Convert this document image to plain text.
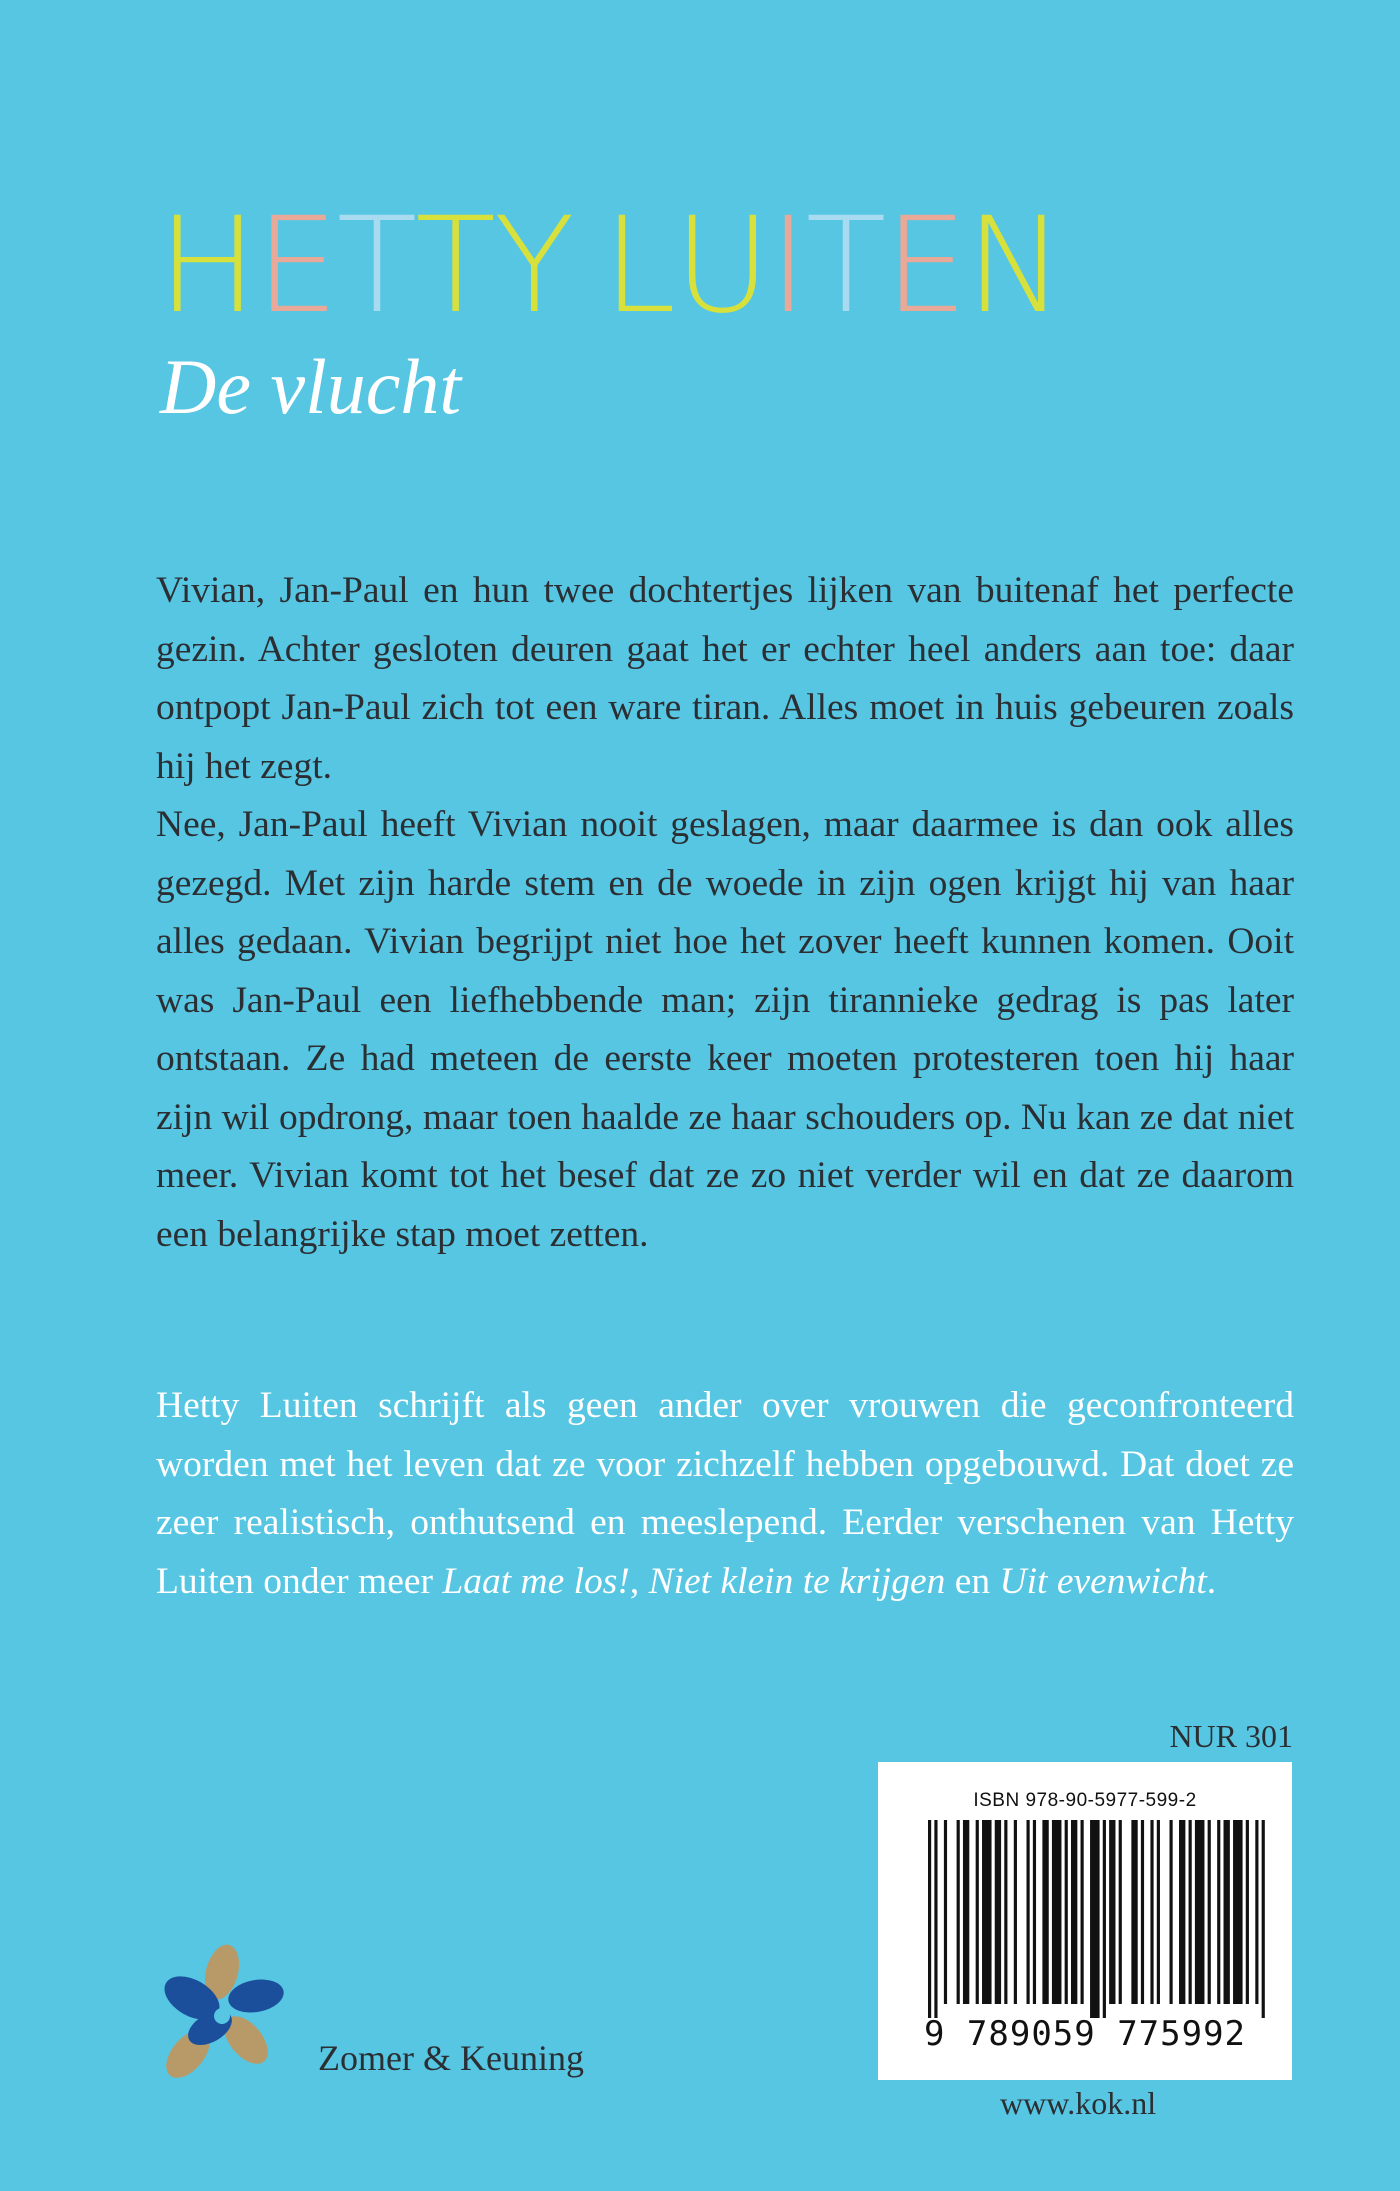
HETTY LUITEN
De vlucht

Vivian, Jan-Paul en hun twee dochtertjes lijken van buitenaf het perfecte gezin. Achter gesloten deuren gaat het er echter heel anders aan toe: daar ontpopt Jan-Paul zich tot een ware tiran. Alles moet in huis gebeuren zoals hij het zegt.

Nee, Jan-Paul heeft Vivian nooit geslagen, maar daarmee is dan ook alles gezegd. Met zijn harde stem en de woede in zijn ogen krijgt hij van haar alles gedaan. Vivian begrijpt niet hoe het zover heeft kunnen komen. Ooit was Jan-Paul een liefhebbende man; zijn tirannieke gedrag is pas later ontstaan. Ze had meteen de eerste keer moeten protesteren toen hij haar zijn wil opdrong, maar toen haalde ze haar schouders op. Nu kan ze dat niet meer. Vivian komt tot het besef dat ze zo niet verder wil en dat ze daarom een belangrijke stap moet zetten.

Hetty Luiten schrijft als geen ander over vrouwen die geconfronteerd worden met het leven dat ze voor zichzelf hebben opgebouwd. Dat doet ze zeer realistisch, onthutsend en meeslepend. Eerder verschenen van Hetty Luiten onder meer Laat me los!, Niet klein te krijgen en Uit evenwicht.
NUR 301
ISBN 978-90-5977-599-2
9 789059 775992
Zomer & Keuning
www.kok.nl
